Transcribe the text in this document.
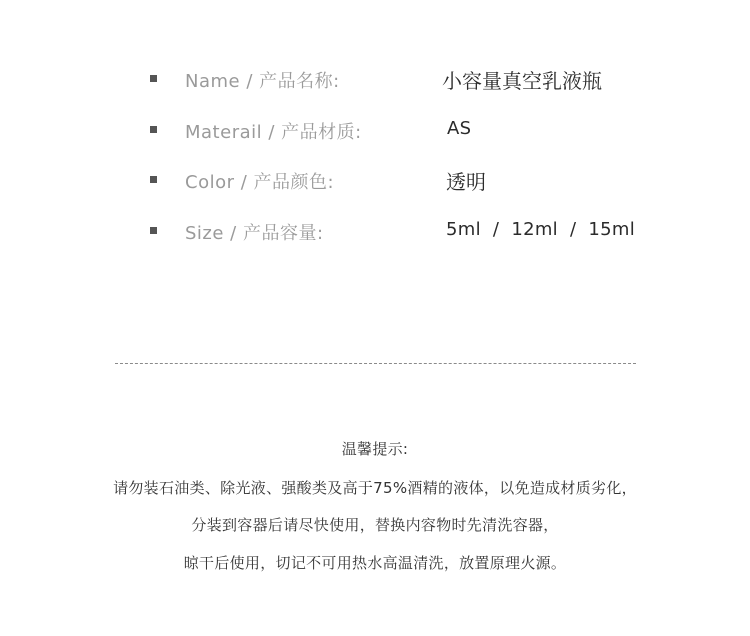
Name / 产品名称:	小容量真空乳液瓶
Materail / 产品材质:	AS
Color / 产品颜色:	透明
Size / 产品容量:	5ml  /  12ml  /  15ml
温馨提示:
请勿装石油类、除光液、强酸类及高于75%酒精的液体，以免造成材质劣化，
分装到容器后请尽快使用，替换内容物时先清洗容器，
晾干后使用，切记不可用热水高温清洗，放置原理火源。
